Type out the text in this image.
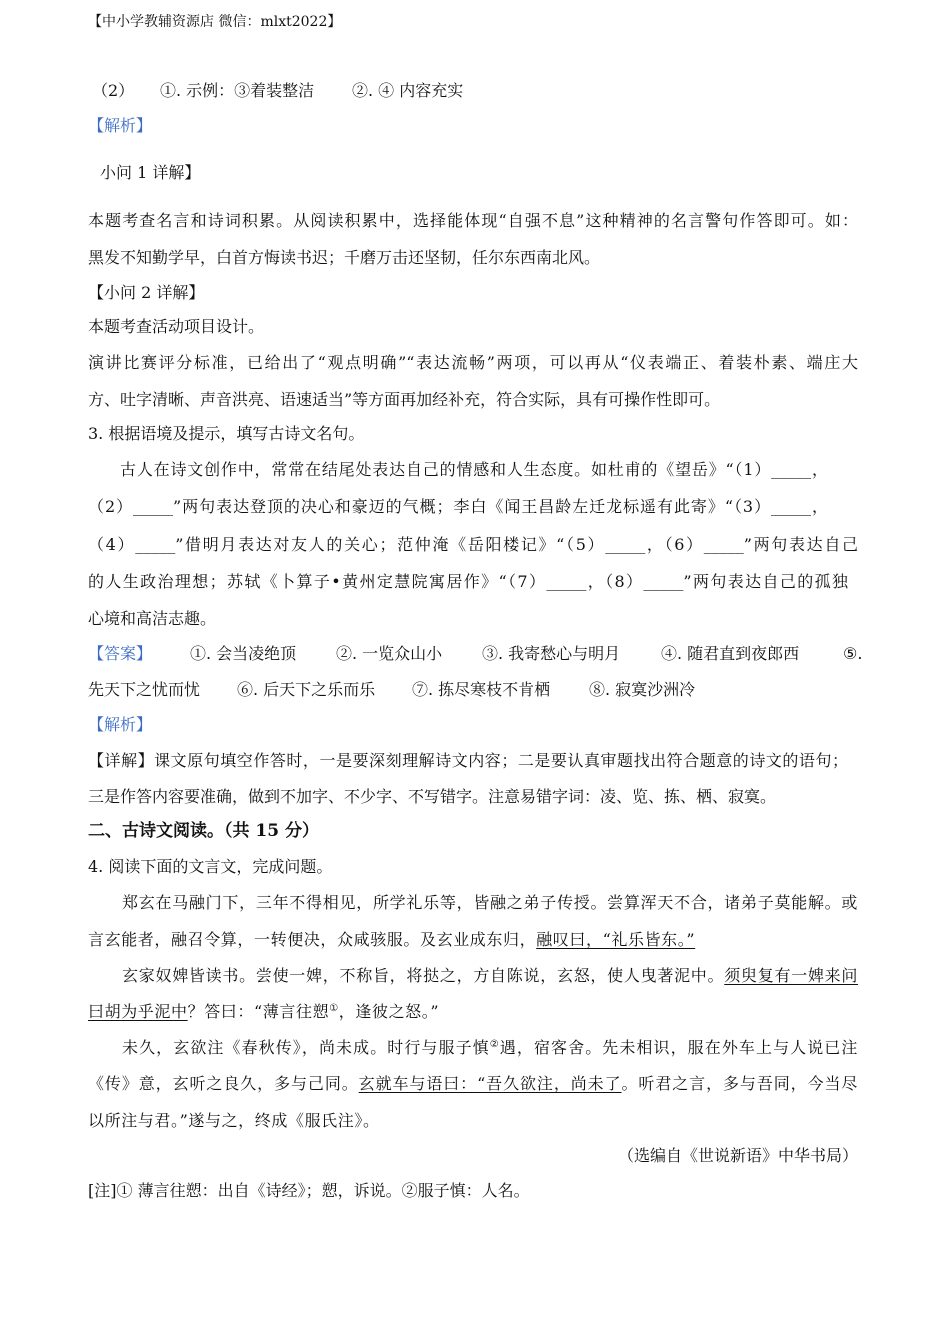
【中小学教辅资源店 微信：mlxt2022】
（2） ①. 示例：③着装整洁 ②. ④ 内容充实
【解析】
小问 1 详解】
本题考查名言和诗词积累。从阅读积累中，选择能体现“自强不息”这种精神的名言警句作答即可。如：
黑发不知勤学早，白首方悔读书迟；千磨万击还坚韧，任尔东西南北风。
【小问 2 详解】
本题考查活动项目设计。
演讲比赛评分标准，已给出了“观点明确”“表达流畅”两项，可以再从“仪表端正、着装朴素、端庄大
方、吐字清晰、声音洪亮、语速适当”等方面再加经补充，符合实际，具有可操作性即可。
3. 根据语境及提示，填写古诗文名句。
古人在诗文创作中，常常在结尾处表达自己的情感和人生态度。如杜甫的《望岳》“（1）_____，
（2）_____”两句表达登顶的决心和豪迈的气概；李白《闻王昌龄左迁龙标遥有此寄》“（3）_____，
（4）_____”借明月表达对友人的关心；范仲淹《岳阳楼记》“（5）_____，（6）_____”两句表达自己
的人生政治理想；苏轼《卜算子•黄州定慧院寓居作》“（7）_____，（8）_____”两句表达自己的孤独
心境和高洁志趣。
【答案】 ①. 会当凌绝顶 ②. 一览众山小 ③. 我寄愁心与明月	④. 随君直到夜郎西	⑤.
先天下之忧而忧 ⑥. 后天下之乐而乐 ⑦. 拣尽寒枝不肯栖 ⑧. 寂寞沙洲冷
【解析】
【详解】课文原句填空作答时，一是要深刻理解诗文内容；二是要认真审题找出符合题意的诗文的语句；
三是作答内容要准确，做到不加字、不少字、不写错字。注意易错字词：凌、览、拣、栖、寂寞。
二、古诗文阅读。（共 15 分）
4. 阅读下面的文言文，完成问题。
郑玄在马融门下，三年不得相见，所学礼乐等，皆融之弟子传授。尝算浑天不合，诸弟子莫能解。或
言玄能者，融召令算，一转便决，众咸骇服。及玄业成东归，融叹曰，“礼乐皆东。”
玄家奴婢皆读书。尝使一婢，不称旨，将挞之，方自陈说，玄怒，使人曳著泥中。须臾复有一婢来问
曰胡为乎泥中？答曰：“薄言往愬①，逢彼之怒。”
未久，玄欲注《春秋传》，尚未成。时行与服子慎②遇，宿客舍。先未相识，服在外车上与人说已注
《传》意，玄听之良久，多与己同。玄就车与语曰：“吾久欲注，尚未了。听君之言，多与吾同，今当尽
以所注与君。”遂与之，终成《服氏注》。
（选编自《世说新语》中华书局）
[注]① 薄言往愬：出自《诗经》；愬，诉说。②服子慎：人名。
